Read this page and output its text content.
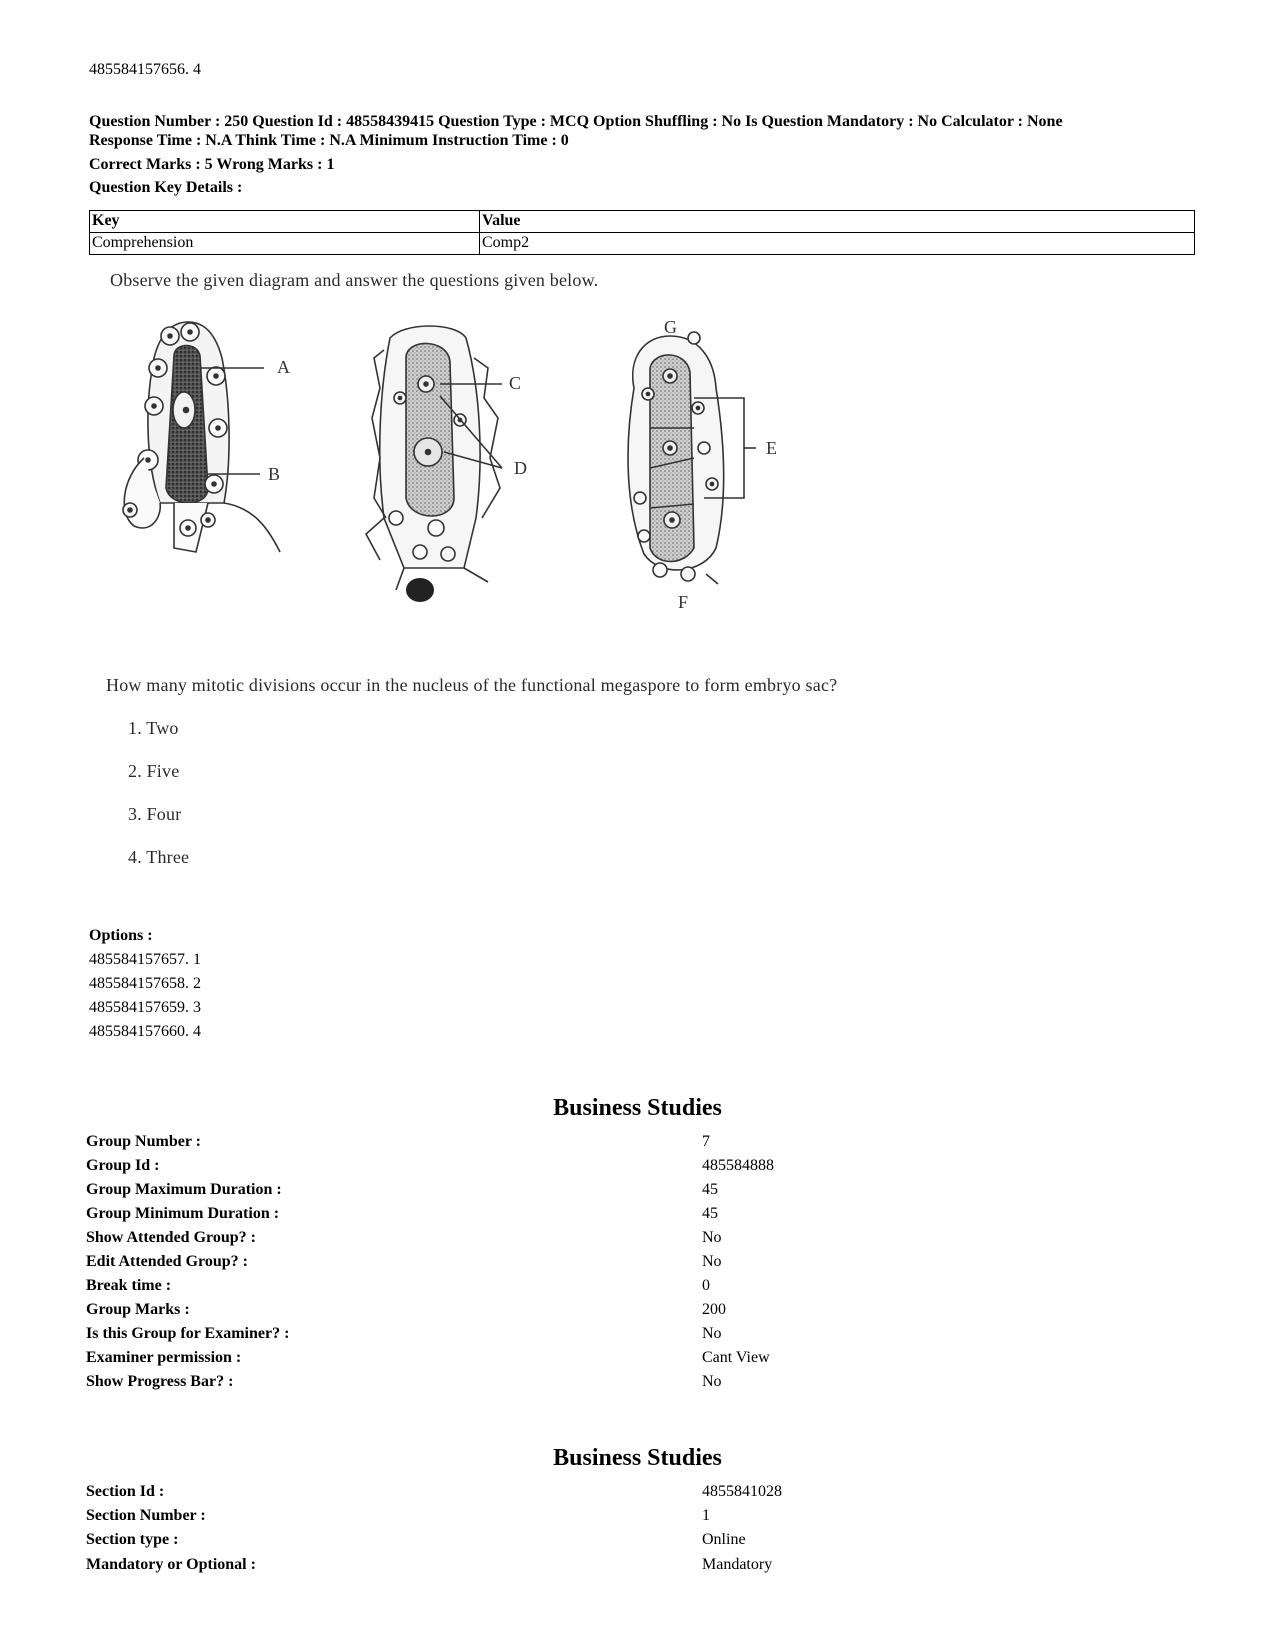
485584157656. 4
Question Number : 250 Question Id : 48558439415 Question Type : MCQ Option Shuffling : No Is Question Mandatory : No Calculator : None
Response Time : N.A Think Time : N.A Minimum Instruction Time : 0
Correct Marks : 5 Wrong Marks : 1
Question Key Details :
Key	Value
Comprehension	Comp2
Observe the given diagram and answer the questions given below.
A
B
C
D
G
E
F
How many mitotic divisions occur in the nucleus of the functional megaspore to form embryo sac?
1. Two
2. Five
3. Four
4. Three
Options :
485584157657. 1
485584157658. 2
485584157659. 3
485584157660. 4
Business Studies
Group Number :	7
Group Id :	485584888
Group Maximum Duration :	45
Group Minimum Duration :	45
Show Attended Group? :	No
Edit Attended Group? :	No
Break time :	0
Group Marks :	200
Is this Group for Examiner? :	No
Examiner permission :	Cant View
Show Progress Bar? :	No
Business Studies
Section Id :	4855841028
Section Number :	1
Section type :	Online
Mandatory or Optional :	Mandatory
